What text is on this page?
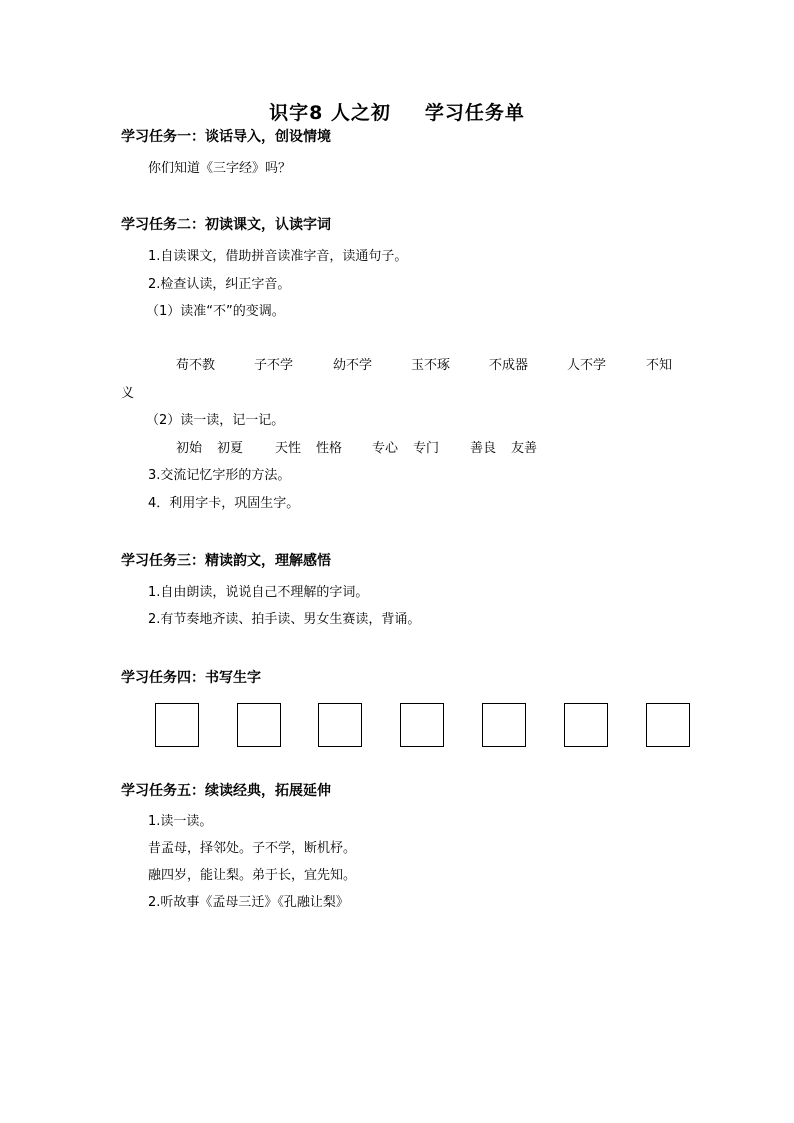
识字8 人之初 学习任务单
学习任务一：谈话导入，创设情境
你们知道《三字经》吗？
学习任务二：初读课文，认读字词
1.自读课文，借助拼音读准字音，读通句子。
2.检查认读，纠正字音。
（1）读准“不”的变调。
苟不教	子不学	幼不学	玉不琢	不成器	人不学	不知
义
（2）读一读，记一记。
初始 初夏 天性 性格 专心 专门 善良 友善
3.交流记忆字形的方法。
4．利用字卡，巩固生字。
学习任务三：精读韵文，理解感悟
1.自由朗读，说说自己不理解的字词。
2.有节奏地齐读、拍手读、男女生赛读，背诵。
学习任务四：书写生字
学习任务五：续读经典，拓展延伸
1.读一读。
昔孟母，择邻处。子不学，断机杼。
融四岁，能让梨。弟于长，宜先知。
2.听故事《孟母三迁》《孔融让梨》
